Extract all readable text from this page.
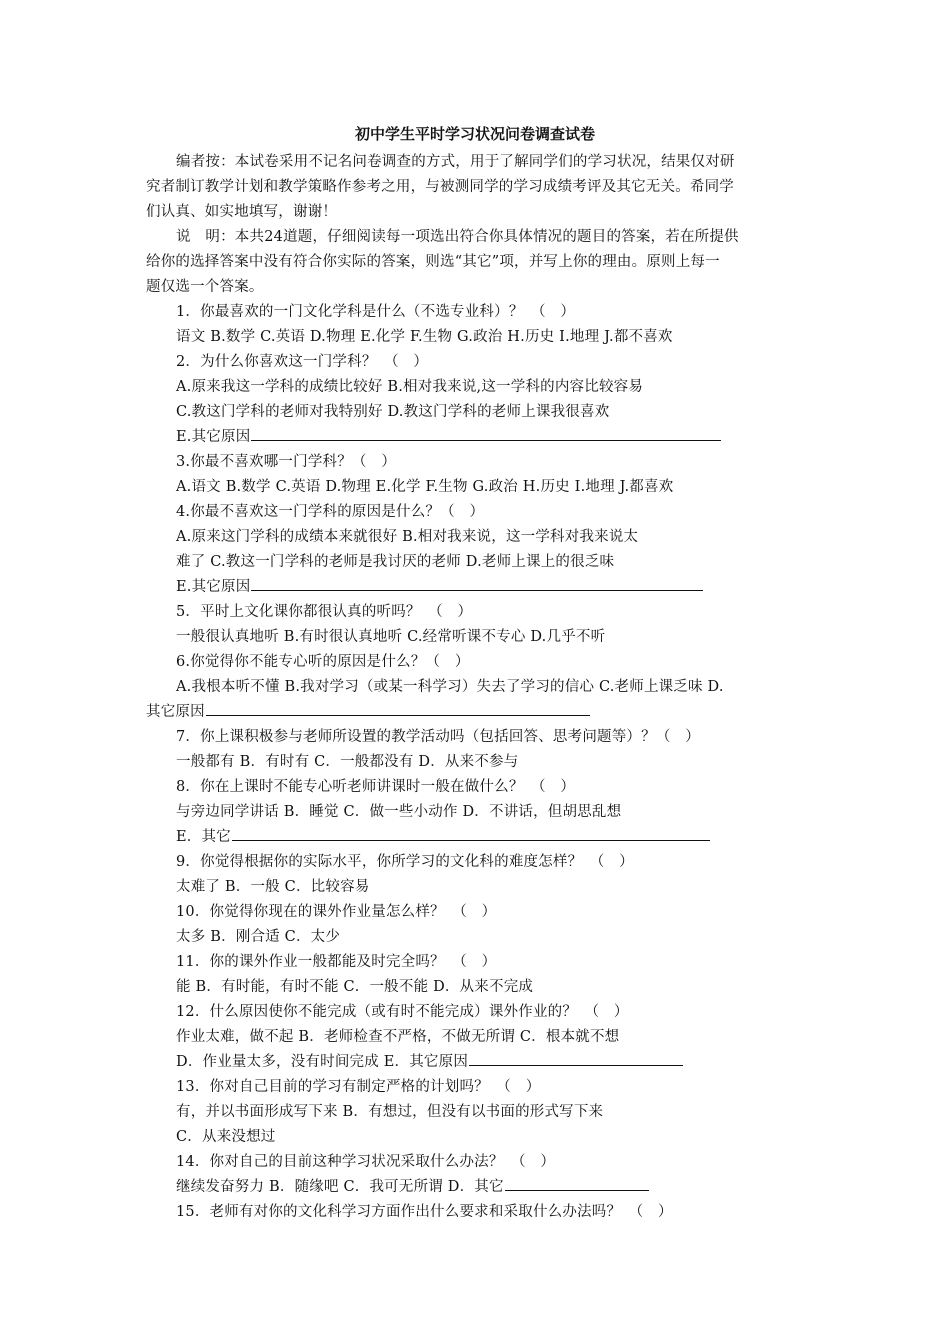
初中学生平时学习状况问卷调查试卷
编者按：本试卷采用不记名问卷调查的方式，用于了解同学们的学习状况，结果仅对研
究者制订教学计划和教学策略作参考之用，与被测同学的学习成绩考评及其它无关。希同学
们认真、如实地填写，谢谢！
说　明：本共24道题，仔细阅读每一项选出符合你具体情况的题目的答案，若在所提供
给你的选择答案中没有符合你实际的答案，则选“其它”项，并写上你的理由。原则上每一
题仅选一个答案。
1．你最喜欢的一门文化学科是什么（不选专业科）？　（　）
语文 B.数学 C.英语 D.物理 E.化学 F.生物 G.政治 H.历史 I.地理 J.都不喜欢
2．为什么你喜欢这一门学科？　（　）
A.原来我这一学科的成绩比较好 B.相对我来说,这一学科的内容比较容易
C.教这门学科的老师对我特别好 D.教这门学科的老师上课我很喜欢
E.其它原因
3.你最不喜欢哪一门学科？（　）
A.语文 B.数学 C.英语 D.物理 E.化学 F.生物 G.政治 H.历史 I.地理 J.都喜欢
4.你最不喜欢这一门学科的原因是什么？（　）
A.原来这门学科的成绩本来就很好 B.相对我来说，这一学科对我来说太
难了 C.教这一门学科的老师是我讨厌的老师 D.老师上课上的很乏味
E.其它原因
5．平时上文化课你都很认真的听吗？　（　）
一般很认真地听 B.有时很认真地听 C.经常听课不专心 D.几乎不听
6.你觉得你不能专心听的原因是什么？（　）
A.我根本听不懂 B.我对学习（或某一科学习）失去了学习的信心 C.老师上课乏味 D.
其它原因
7．你上课积极参与老师所设置的教学活动吗（包括回答、思考问题等）？（　）
一般都有 B．有时有 C．一般都没有 D．从来不参与
8．你在上课时不能专心听老师讲课时一般在做什么？　（　）
与旁边同学讲话 B．睡觉 C．做一些小动作 D．不讲话，但胡思乱想
E．其它
9．你觉得根据你的实际水平，你所学习的文化科的难度怎样？　（　）
太难了 B．一般 C．比较容易
10．你觉得你现在的课外作业量怎么样？　（　）
太多 B．刚合适 C．太少
11．你的课外作业一般都能及时完全吗？　（　）
能 B．有时能，有时不能 C．一般不能 D．从来不完成
12．什么原因使你不能完成（或有时不能完成）课外作业的？　（　）
作业太难，做不起 B．老师检查不严格，不做无所谓 C．根本就不想
D．作业量太多，没有时间完成 E．其它原因
13．你对自己目前的学习有制定严格的计划吗？　（　）
有，并以书面形成写下来 B．有想过，但没有以书面的形式写下来
C．从来没想过
14．你对自己的目前这种学习状况采取什么办法？　（　）
继续发奋努力 B．随缘吧 C．我可无所谓 D．其它
15．老师有对你的文化科学习方面作出什么要求和采取什么办法吗？　（　）
